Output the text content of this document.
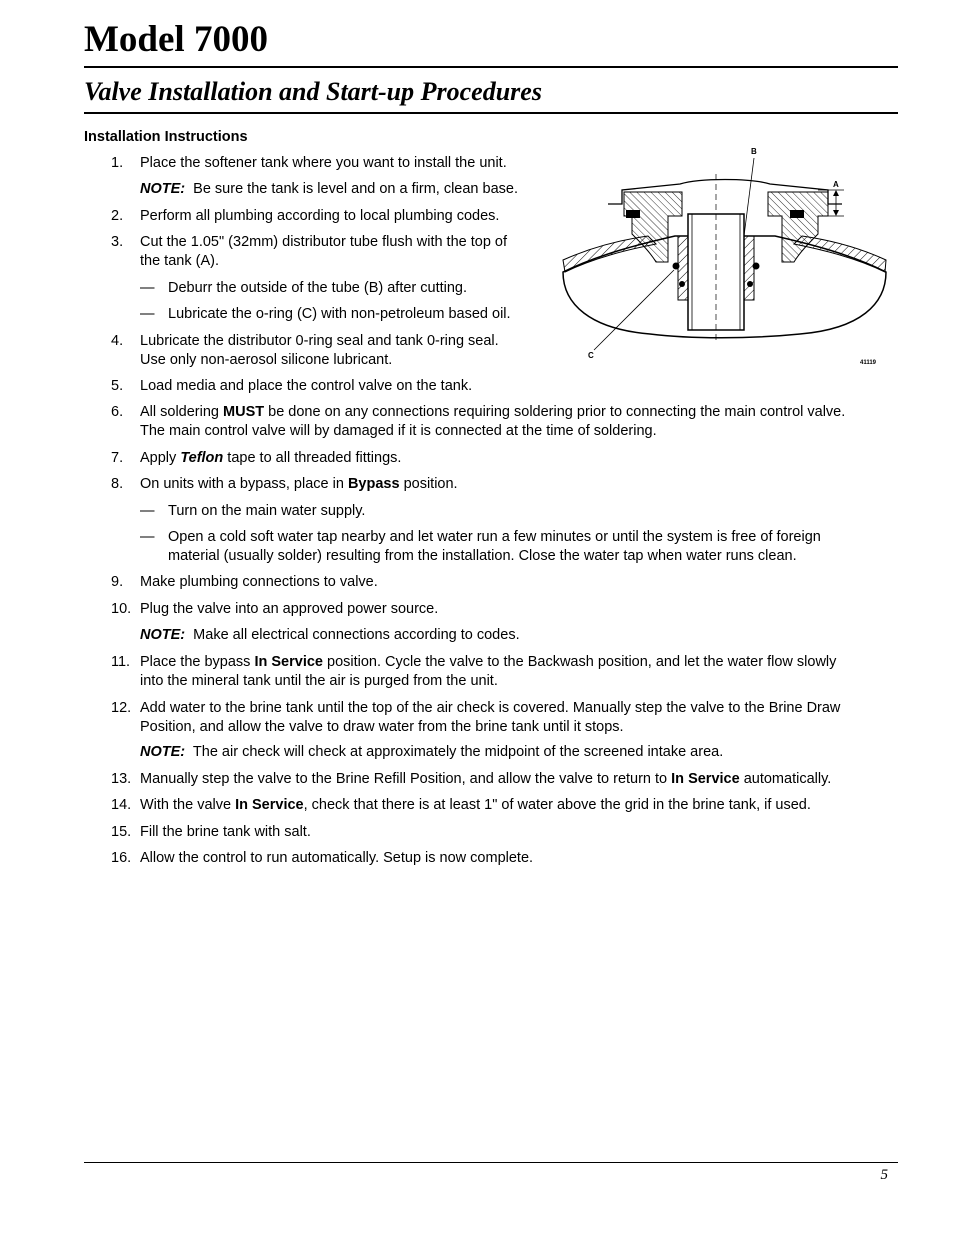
Model 7000
Valve Installation and Start-up Procedures
Installation Instructions
1. Place the softener tank where you want to install the unit.
NOTE: Be sure the tank is level and on a firm, clean base.
2. Perform all plumbing according to local plumbing codes.
3. Cut the 1.05" (32mm) distributor tube flush with the top of
the tank (A).
— Deburr the outside of the tube (B) after cutting.
— Lubricate the o-ring (C) with non-petroleum based oil.
4. Lubricate the distributor 0-ring seal and tank 0-ring seal.
Use only non-aerosol silicone lubricant.
5. Load media and place the control valve on the tank.
6. All soldering MUST be done on any connections requiring soldering prior to connecting the main control valve.
The main control valve will by damaged if it is connected at the time of soldering.
7. Apply Teflon tape to all threaded fittings.
8. On units with a bypass, place in Bypass position.
— Turn on the main water supply.
— Open a cold soft water tap nearby and let water run a few minutes or until the system is free of foreign
material (usually solder) resulting from the installation. Close the water tap when water runs clean.
9. Make plumbing connections to valve.
10. Plug the valve into an approved power source.
NOTE: Make all electrical connections according to codes.
11. Place the bypass In Service position. Cycle the valve to the Backwash position, and let the water flow slowly
into the mineral tank until the air is purged from the unit.
12. Add water to the brine tank until the top of the air check is covered. Manually step the valve to the Brine Draw
Position, and allow the valve to draw water from the brine tank until it stops.
NOTE: The air check will check at approximately the midpoint of the screened intake area.
13. Manually step the valve to the Brine Refill Position, and allow the valve to return to In Service automatically.
14. With the valve In Service, check that there is at least 1" of water above the grid in the brine tank, if used.
15. Fill the brine tank with salt.
16. Allow the control to run automatically. Setup is now complete.
A
B
C
41119
5
